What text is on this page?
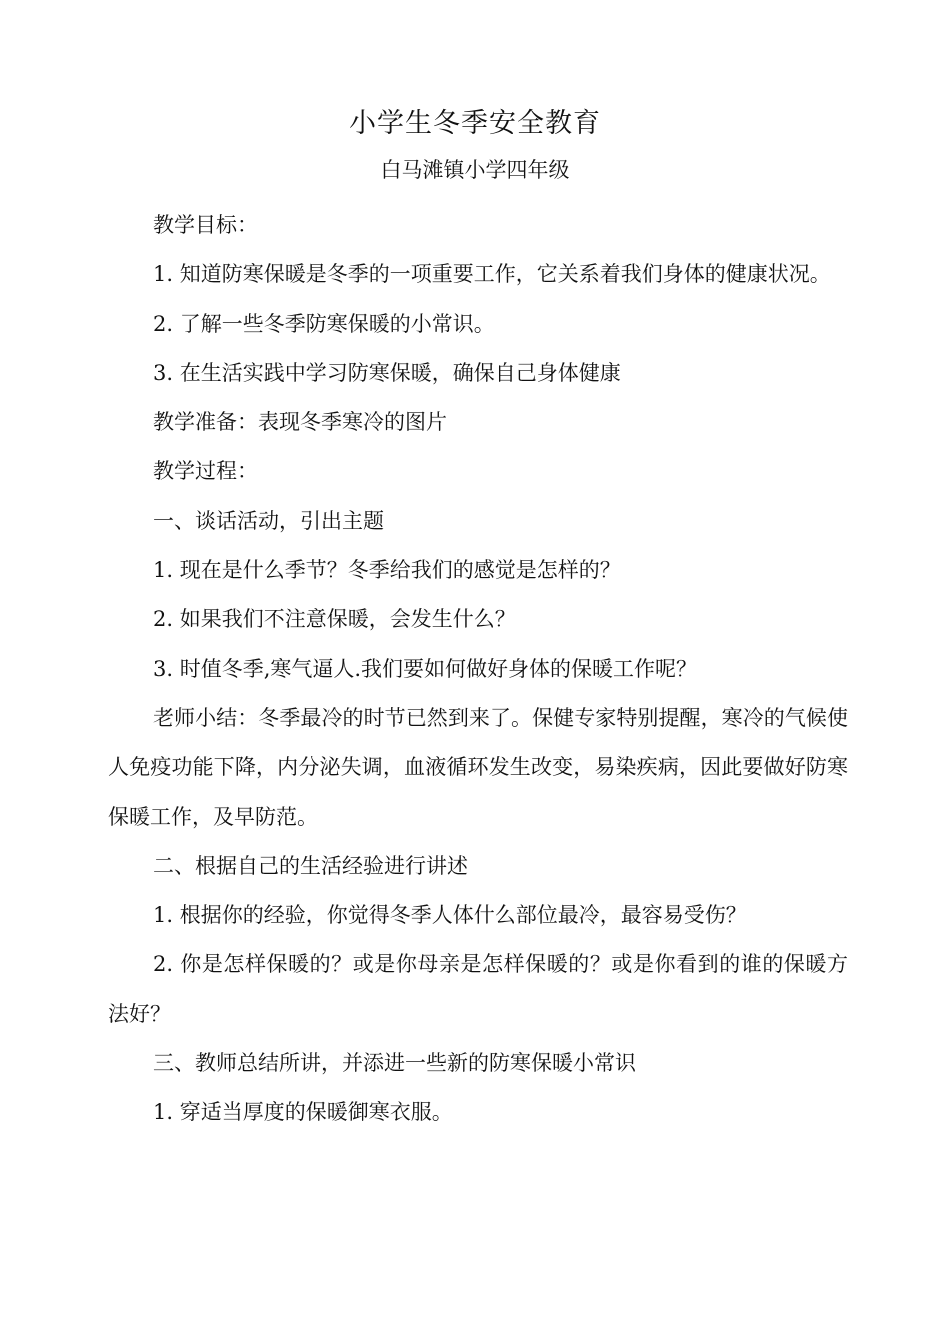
小学生冬季安全教育
白马滩镇小学四年级

教学目标：

1. 知道防寒保暖是冬季的一项重要工作，它关系着我们身体的健康状况。

2. 了解一些冬季防寒保暖的小常识。

3. 在生活实践中学习防寒保暖，确保自己身体健康

教学准备：表现冬季寒冷的图片

教学过程：

一、谈话活动，引出主题

1. 现在是什么季节？冬季给我们的感觉是怎样的？

2. 如果我们不注意保暖，会发生什么？

3. 时值冬季,寒气逼人.我们要如何做好身体的保暖工作呢？

老师小结：冬季最冷的时节已然到来了。保健专家特别提醒，寒冷的气候使人免疫功能下降，内分泌失调，血液循环发生改变，易染疾病，因此要做好防寒保暖工作，及早防范。

二、根据自己的生活经验进行讲述

1. 根据你的经验，你觉得冬季人体什么部位最冷，最容易受伤？

2. 你是怎样保暖的？或是你母亲是怎样保暖的？或是你看到的谁的保暖方法好？

三、教师总结所讲，并添进一些新的防寒保暖小常识

1. 穿适当厚度的保暖御寒衣服。
